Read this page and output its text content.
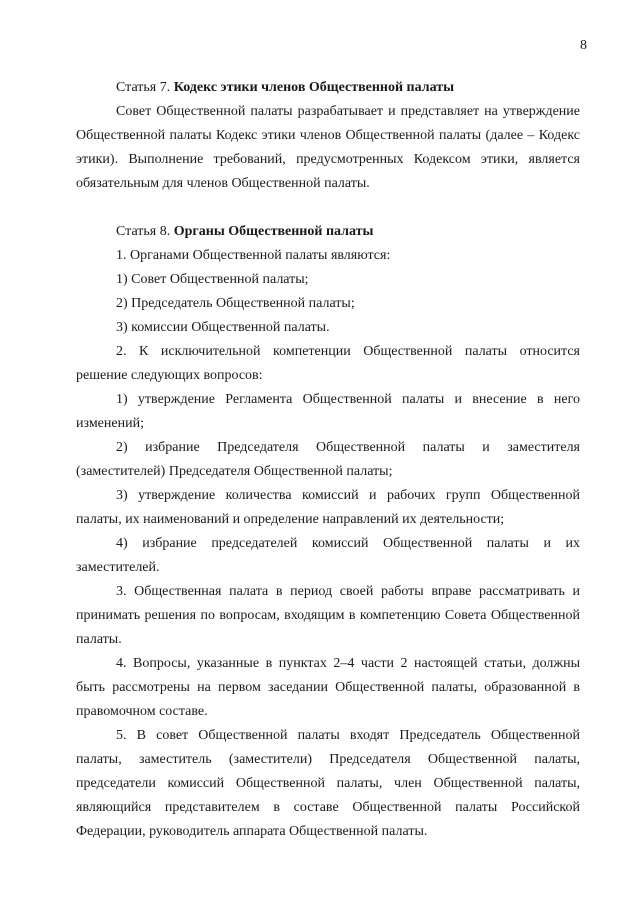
8

Статья 7. Кодекс этики членов Общественной палаты

Совет Общественной палаты разрабатывает и представляет на утверждение Общественной палаты Кодекс этики членов Общественной палаты (далее – Кодекс этики). Выполнение требований, предусмотренных Кодексом этики, является обязательным для членов Общественной палаты.

Статья 8. Органы Общественной палаты

1. Органами Общественной палаты являются:

1) Совет Общественной палаты;

2) Председатель Общественной палаты;

3) комиссии Общественной палаты.

2. К исключительной компетенции Общественной палаты относится решение следующих вопросов:

1) утверждение Регламента Общественной палаты и внесение в него изменений;

2) избрание Председателя Общественной палаты и заместителя (заместителей) Председателя Общественной палаты;

3) утверждение количества комиссий и рабочих групп Общественной палаты, их наименований и определение направлений их деятельности;

4) избрание председателей комиссий Общественной палаты и их заместителей.

3. Общественная палата в период своей работы вправе рассматривать и принимать решения по вопросам, входящим в компетенцию Совета Общественной палаты.

4. Вопросы, указанные в пунктах 2–4 части 2 настоящей статьи, должны быть рассмотрены на первом заседании Общественной палаты, образованной в правомочном составе.

5. В совет Общественной палаты входят Председатель Общественной палаты, заместитель (заместители) Председателя Общественной палаты, председатели комиссий Общественной палаты, член Общественной палаты, являющийся представителем в составе Общественной палаты Российской Федерации, руководитель аппарата Общественной палаты.
